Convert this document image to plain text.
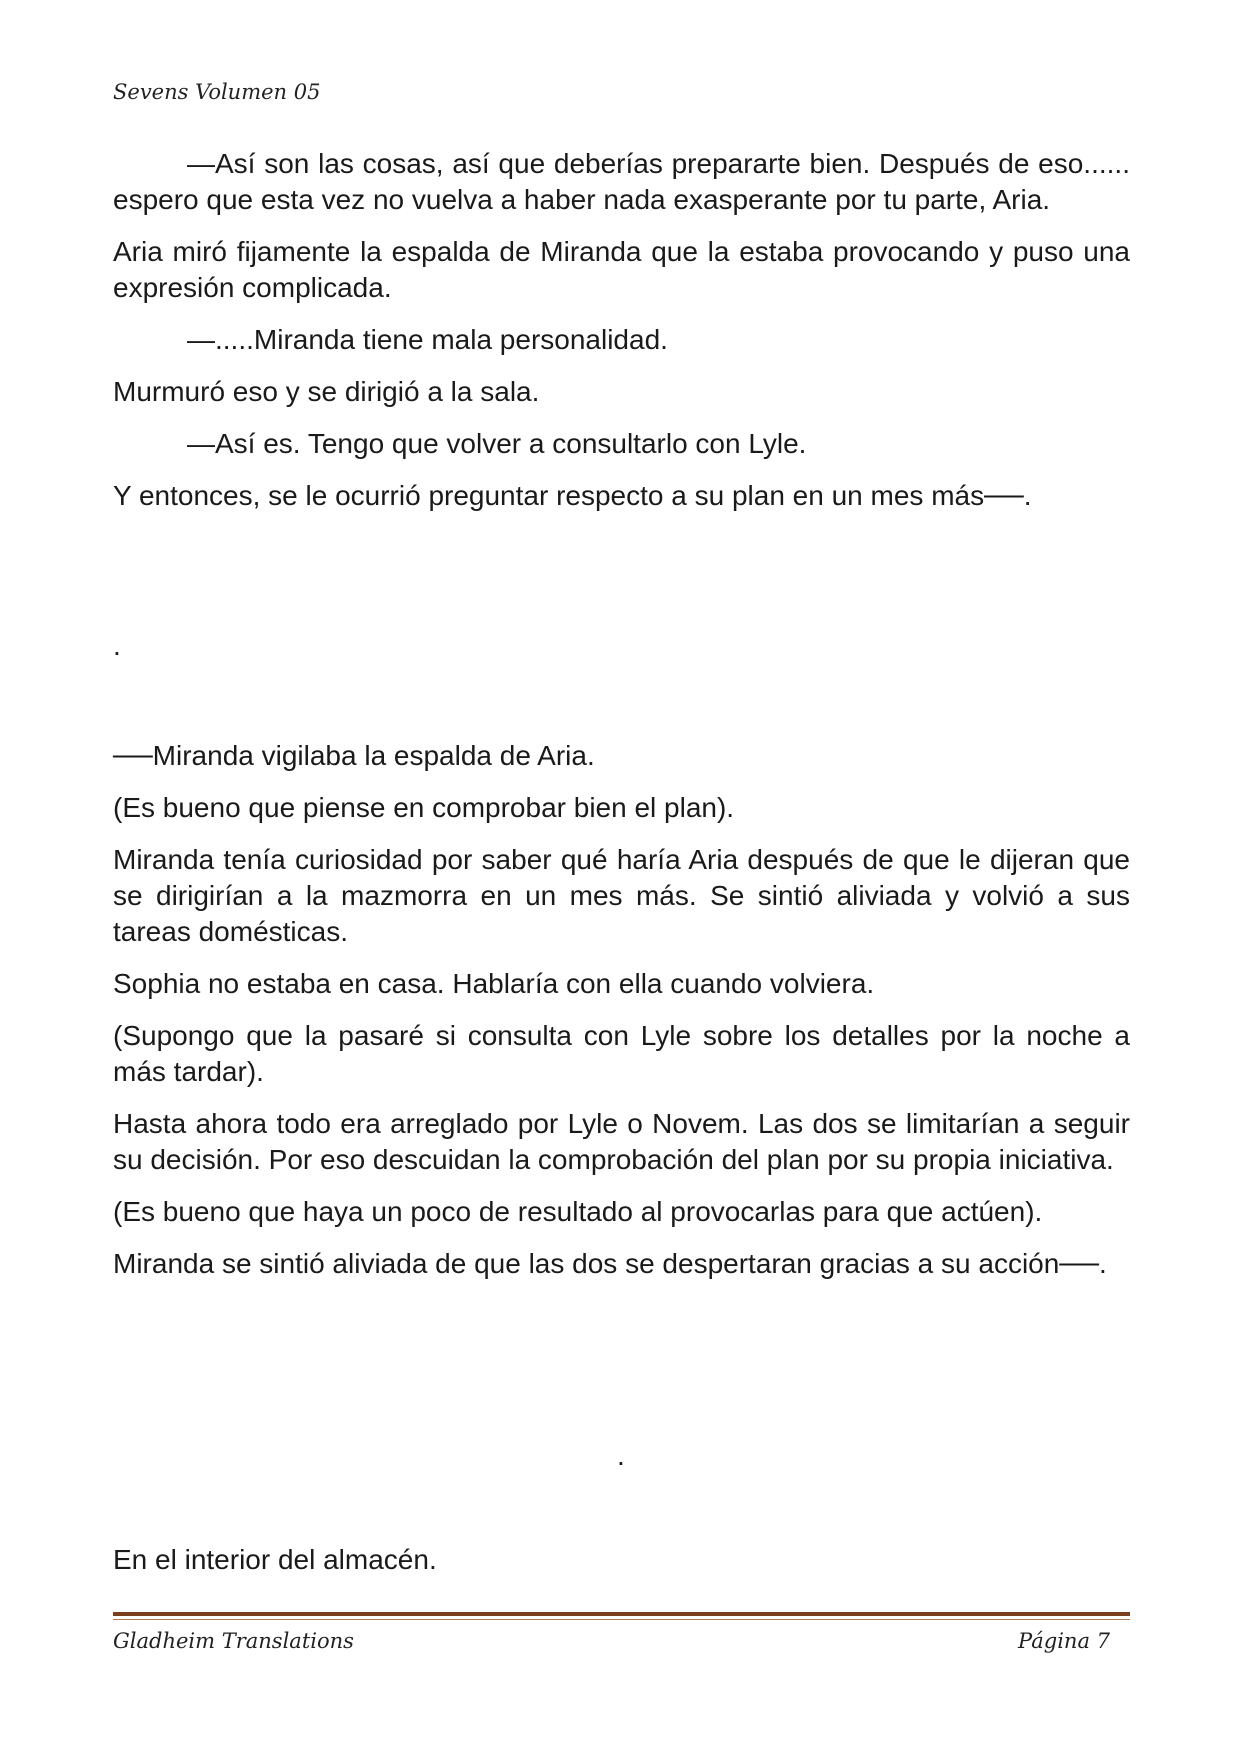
Sevens Volumen 05

—Así son las cosas, así que deberías prepararte bien. Después de eso...... espero que esta vez no vuelva a haber nada exasperante por tu parte, Aria.

Aria miró fijamente la espalda de Miranda que la estaba provocando y puso una expresión complicada.

—.....Miranda tiene mala personalidad.

Murmuró eso y se dirigió a la sala.

—Así es. Tengo que volver a consultarlo con Lyle.

Y entonces, se le ocurrió preguntar respecto a su plan en un mes más──.

.

──Miranda vigilaba la espalda de Aria.

(Es bueno que piense en comprobar bien el plan).

Miranda tenía curiosidad por saber qué haría Aria después de que le dijeran que se dirigirían a la mazmorra en un mes más. Se sintió aliviada y volvió a sus tareas domésticas.

Sophia no estaba en casa. Hablaría con ella cuando volviera.

(Supongo que la pasaré si consulta con Lyle sobre los detalles por la noche a más tardar).

Hasta ahora todo era arreglado por Lyle o Novem. Las dos se limitarían a seguir su decisión. Por eso descuidan la comprobación del plan por su propia iniciativa.

(Es bueno que haya un poco de resultado al provocarlas para que actúen).

Miranda se sintió aliviada de que las dos se despertaran gracias a su acción──.

.

En el interior del almacén.

Gladheim Translations	Página 7
